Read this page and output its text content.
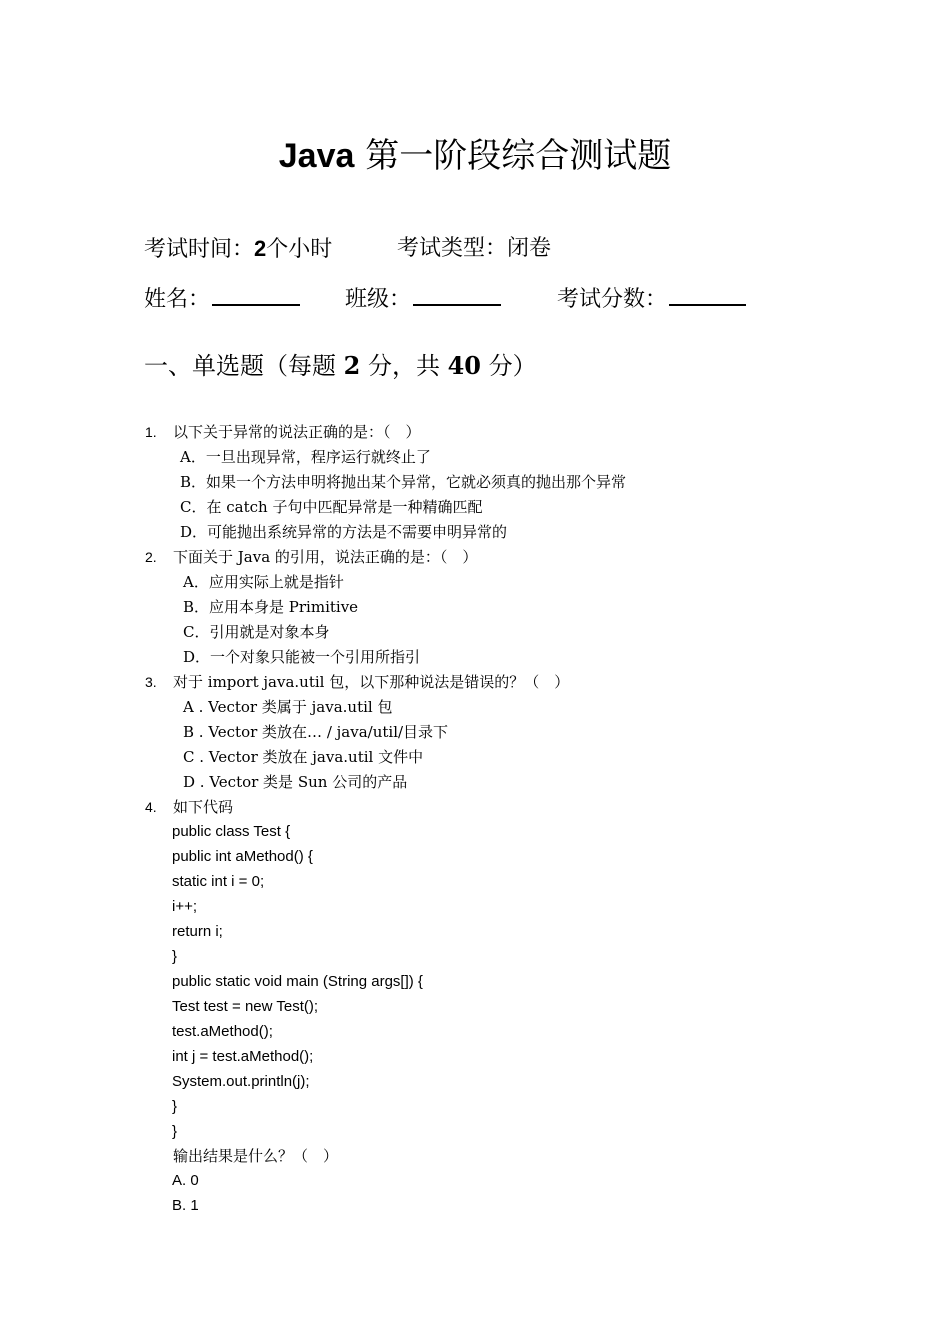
Java 第一阶段综合测试题
考试时间：2个小时	考试类型：闭卷
姓名：	班级：	考试分数：
一、单选题（每题 2 分，共 40 分）
1. 以下关于异常的说法正确的是：（　）
A．一旦出现异常，程序运行就终止了
B．如果一个方法申明将抛出某个异常，它就必须真的抛出那个异常
C．在 catch 子句中匹配异常是一种精确匹配
D．可能抛出系统异常的方法是不需要申明异常的
2. 下面关于 Java 的引用，说法正确的是：（　）
A．应用实际上就是指针
B．应用本身是 Primitive
C．引用就是对象本身
D．一个对象只能被一个引用所指引
3. 对于 import java.util 包，以下那种说法是错误的？（　）
A . Vector 类属于 java.util 包
B . Vector 类放在… / java/util/目录下
C . Vector 类放在 java.util 文件中
D . Vector 类是 Sun 公司的产品
4. 如下代码
public class Test {
public int aMethod() {
static int i = 0;
i++;
return i;
}
public static void main (String args[]) {
Test test = new Test();
test.aMethod();
int j = test.aMethod();
System.out.println(j);
}
}
输出结果是什么？（　）
A. 0
B. 1
